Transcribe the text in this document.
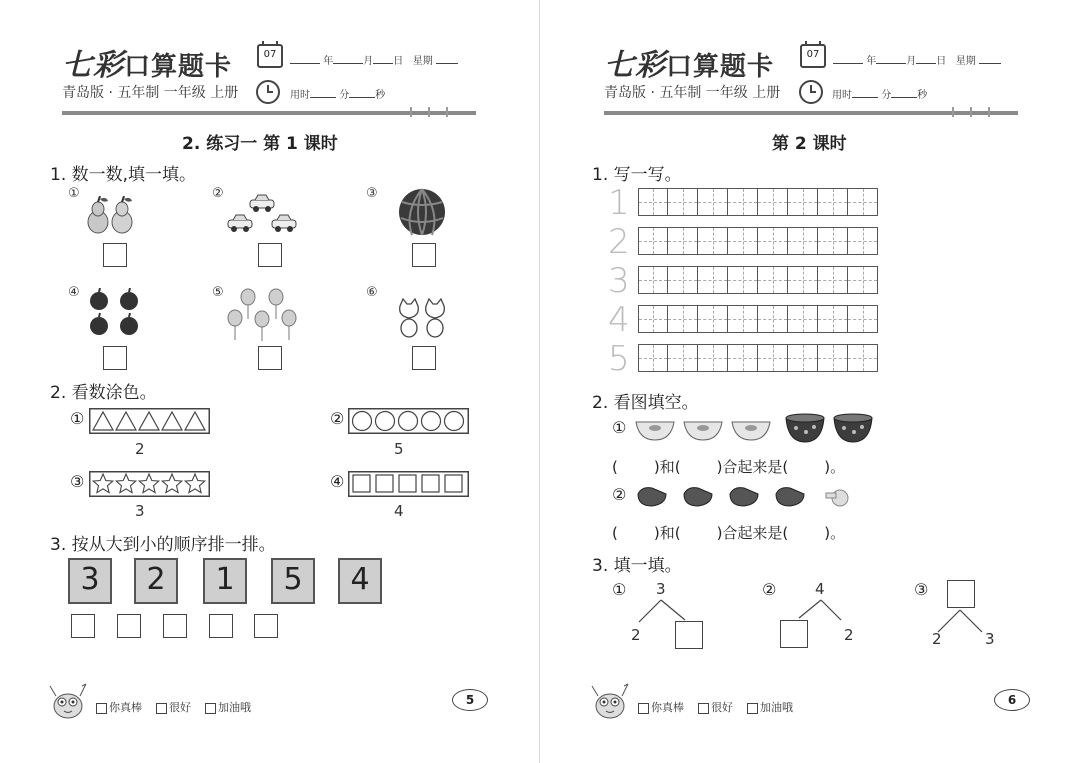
七彩口算题卡	07
年	月 日 星期
青岛版 · 五年制 一年级 上册	用时	分	秒
2. 练习一 第 1 课时
1. 数一数,填一填。
①	②	③
④	⑤	⑥
2. 看数涂色。
①
2
②
5
③
3
④
4
3. 按从大到小的顺序排一排。
3	2	1	5	4
你真棒 很好 加油哦
5
七彩口算题卡	07
年	月 日 星期
青岛版 · 五年制 一年级 上册	用时	分	秒
第 2 课时
1. 写一写。
1
2
3
4
5
2. 看图填空。
①
( )和( )合起来是( )。
②
( )和( )合起来是( )。
3. 填一填。
① 3
2
②	4
2
③
2	3
你真棒 很好 加油哦
6
